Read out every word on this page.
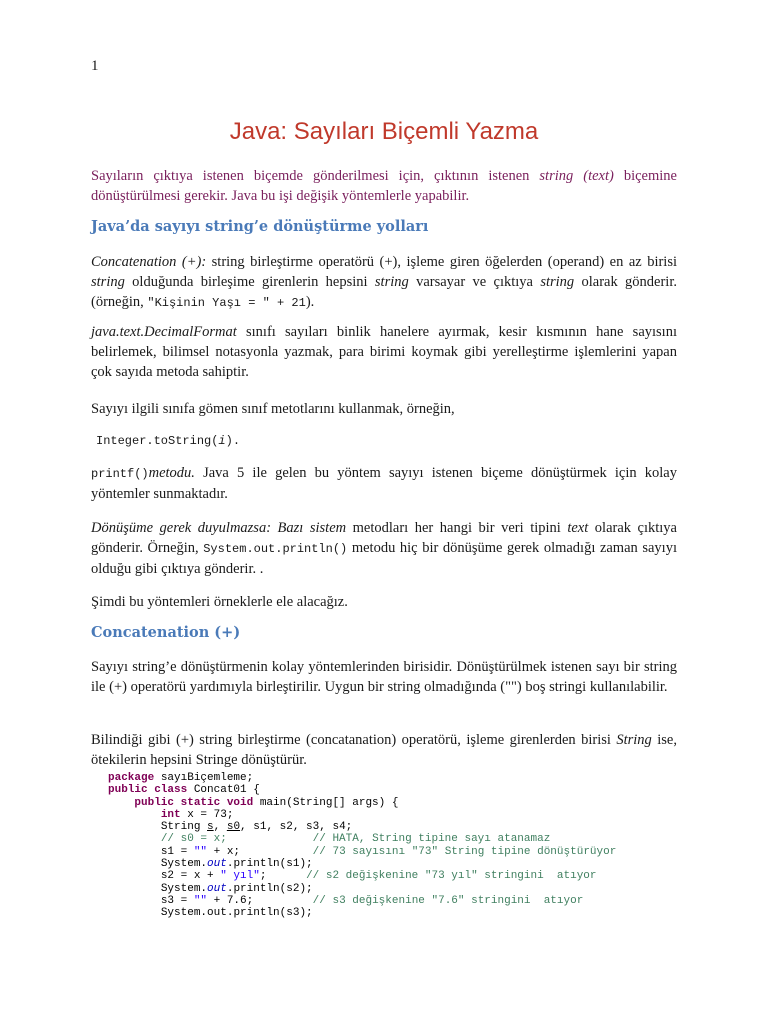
1
Java: Sayıları Biçemli Yazma

Sayıların çıktıya istenen biçemde gönderilmesi için, çıktının istenen string (text) biçemine dönüştürülmesi gerekir. Java bu işi değişik yöntemlerle yapabilir.

Java’da sayıyı string’e dönüştürme yolları

Concatenation (+): string birleştirme operatörü (+), işleme giren öğelerden (operand) en az birisi string olduğunda birleşime girenlerin hepsini string varsayar ve çıktıya string olarak gönderir. (örneğin, "Kişinin Yaşı = " + 21).

java.text.DecimalFormat sınıfı sayıları binlik hanelere ayırmak, kesir kısmının hane sayısını belirlemek, bilimsel notasyonla yazmak, para birimi koymak gibi yerelleştirme işlemlerini yapan çok sayıda metoda sahiptir.

Sayıyı ilgili sınıfa gömen sınıf metotlarını kullanmak, örneğin,

Integer.toString(i).

printf()metodu. Java 5 ile gelen bu yöntem sayıyı istenen biçeme dönüştürmek için kolay yöntemler sunmaktadır.

Dönüşüme gerek duyulmazsa: Bazı sistem metodları her hangi bir veri tipini text olarak çıktıya gönderir. Örneğin, System.out.println() metodu hiç bir dönüşüme gerek olmadığı zaman sayıyı olduğu gibi çıktıya gönderir. .

Şimdi bu yöntemleri örneklerle ele alacağız.

Concatenation (+)

Sayıyı string’e dönüştürmenin kolay yöntemlerinden birisidir. Dönüştürülmek istenen sayı bir string ile (+) operatörü yardımıyla birleştirilir. Uygun bir string olmadığında ("") boş stringi kullanılabilir.

Bilindiği gibi (+) string birleştirme (concatanation) operatörü, işleme girenlerden birisi String ise, ötekilerin hepsini Stringe dönüştürür.

package sayıBiçemleme;
public class Concat01 {
public static void main(String[] args) {
int x = 73;
String s, s0, s1, s2, s3, s4;
// s0 = x;	// HATA, String tipine sayı atanamaz
s1 = "" + x;	// 73 sayısını "73" String tipine dönüştürüyor
System.out.println(s1);
s2 = x + " yıl";	// s2 değişkenine "73 yıl" stringini  atıyor
System.out.println(s2);
s3 = "" + 7.6;	// s3 değişkenine "7.6" stringini  atıyor
System.out.println(s3);
